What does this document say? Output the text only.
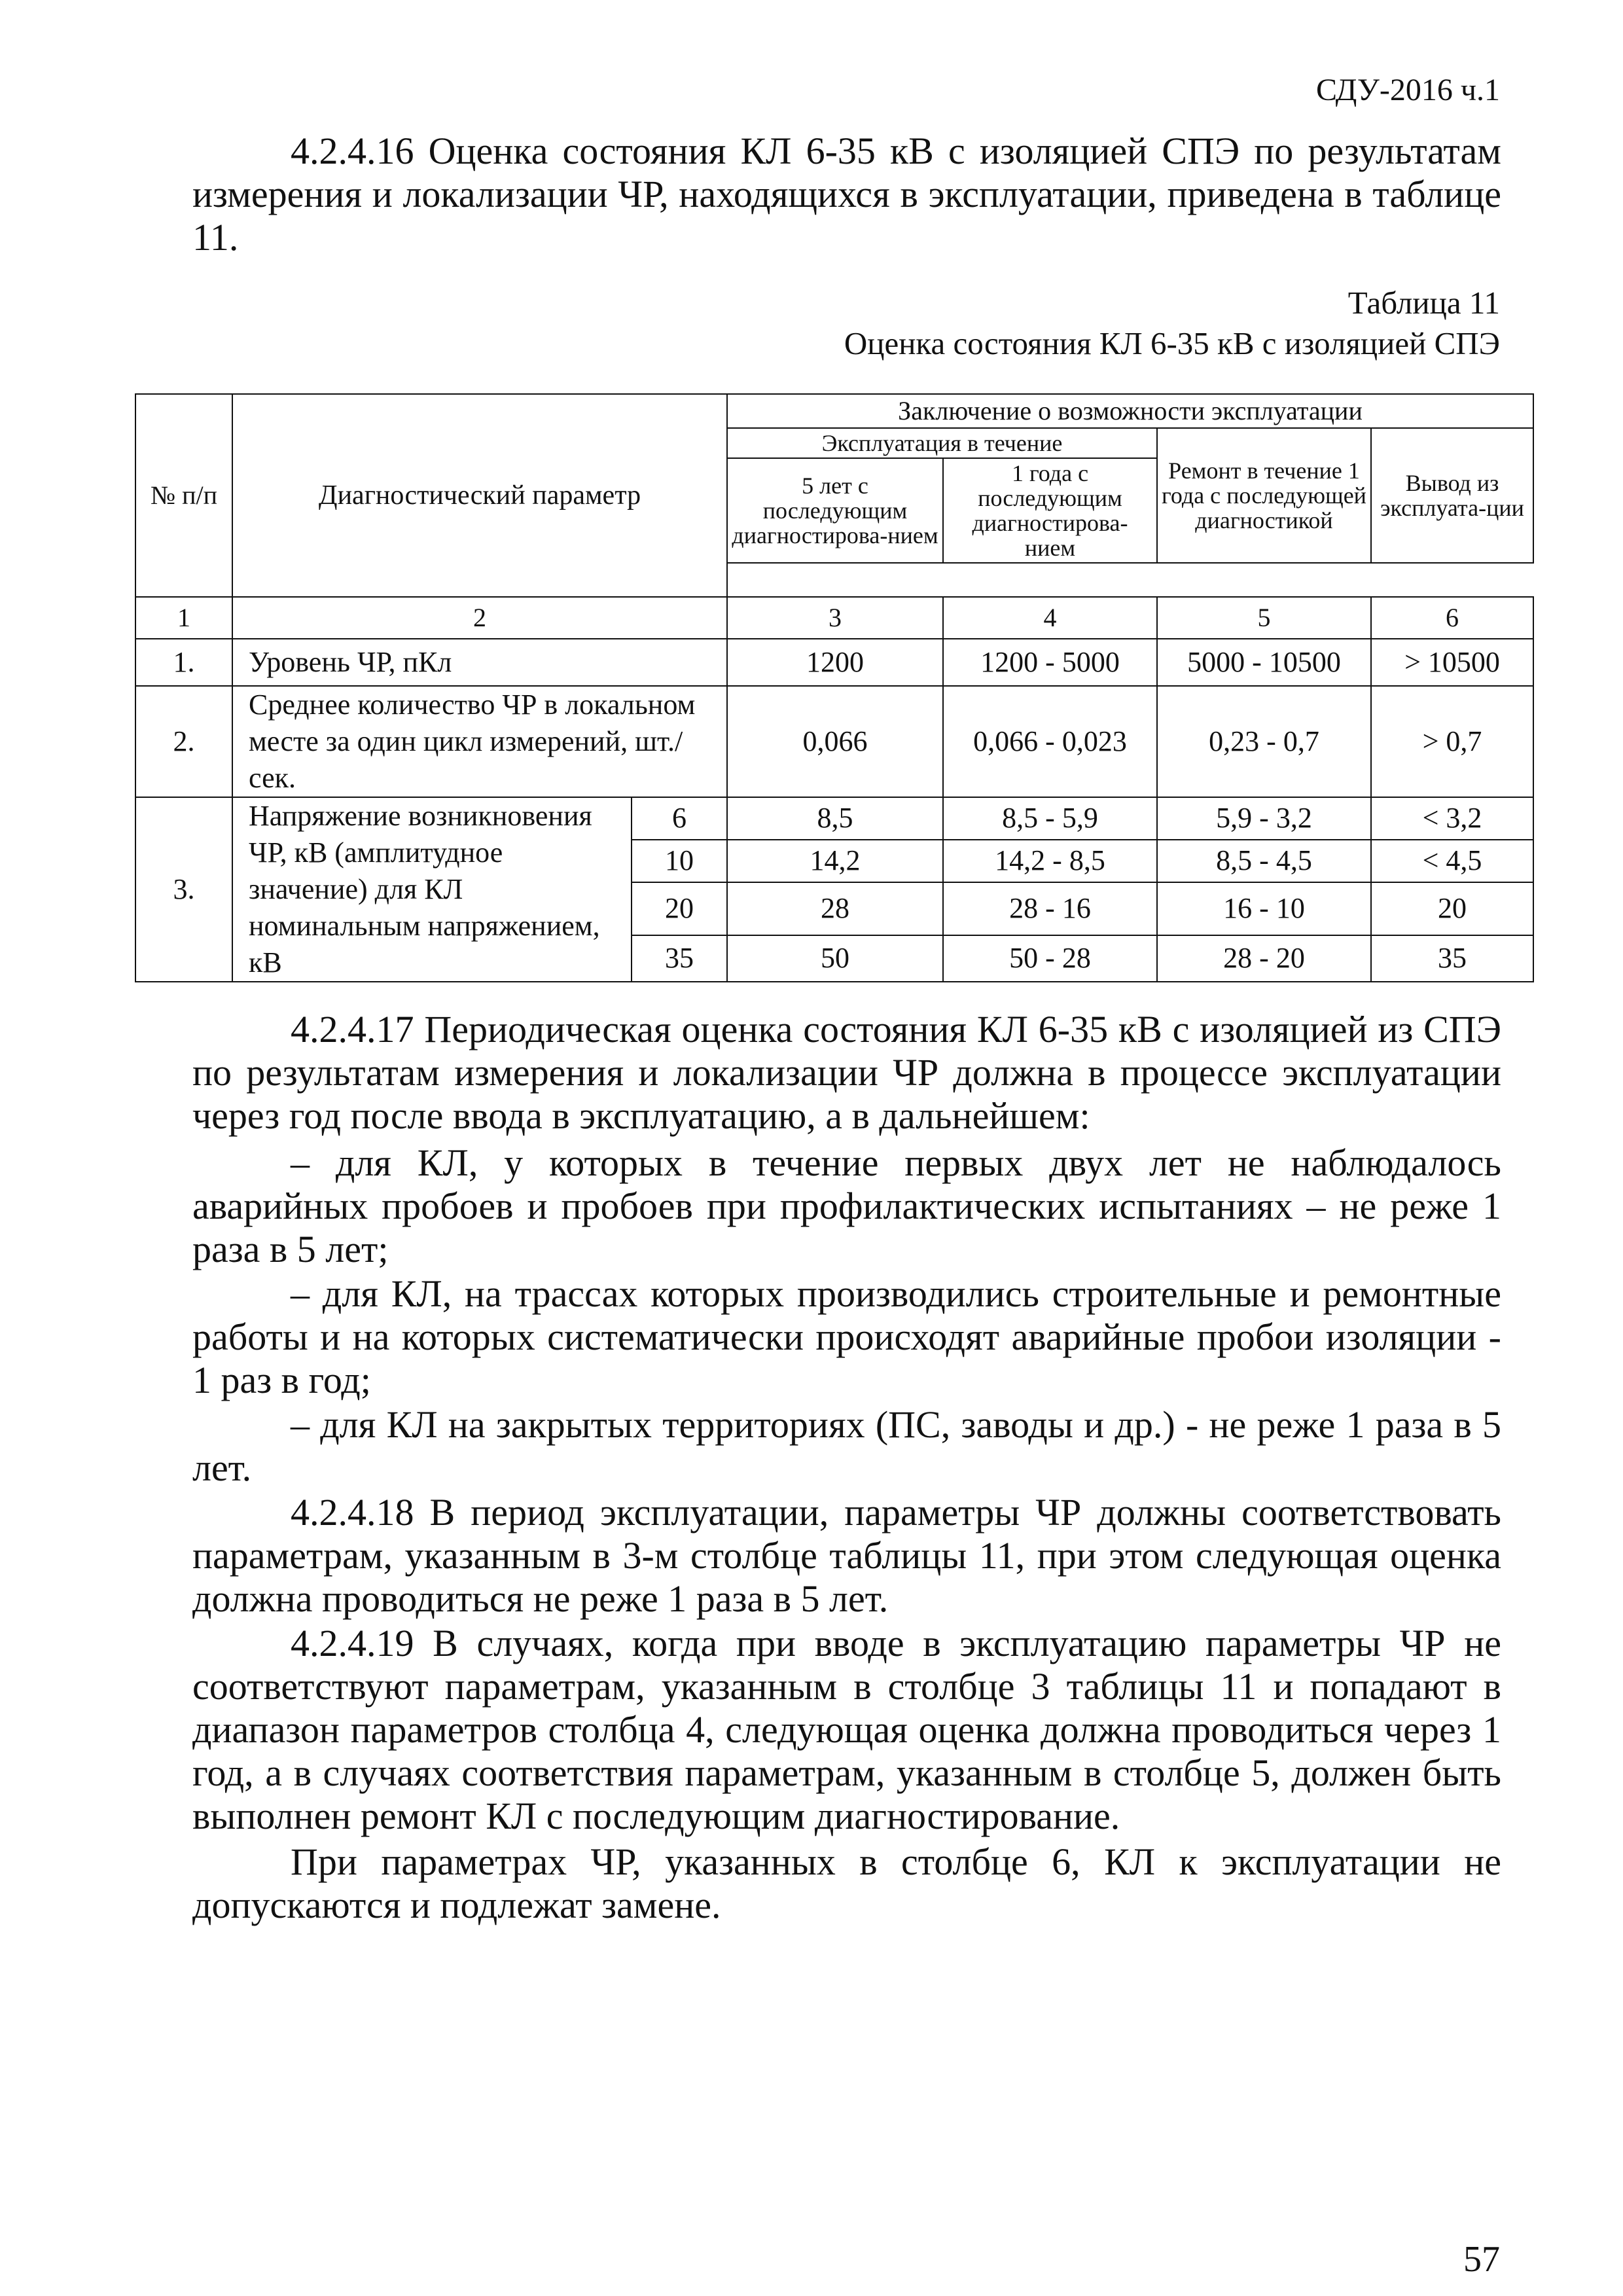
СДУ-2016 ч.1

4.2.4.16 Оценка состояния КЛ 6-35 кВ с изоляцией СПЭ по результатам измерения и локализации ЧР, находящихся в эксплуатации, приведена в таблице 11.

Таблица 11
Оценка состояния КЛ 6-35 кВ с изоляцией СПЭ
№ п/п	Диагностический параметр		Заключение о возможности эксплуатации			
			Эксплуатация в течение		Ремонт в течение 1 года с последующей диагностикой	Вывод из эксплуата-ции
			5 лет с последующим диагностирова-нием	1 года с последующим диагностирова-нием		

1	2		3	4	5	6
1.	Уровень ЧР, пКл		1200	1200 - 5000	5000 - 10500	> 10500
2.	Среднее количество ЧР в локальном месте за один цикл измерений, шт./сек.		0,066	0,066 - 0,023	0,23 - 0,7	> 0,7
3.	Напряжение возникновения ЧР, кВ (амплитудное значение) для КЛ номинальным напряжением, кВ	6	8,5	8,5 - 5,9	5,9 - 3,2	< 3,2
		10	14,2	14,2 - 8,5	8,5 - 4,5	< 4,5
		20	28	28 - 16	16 - 10	20
		35	50	50 - 28	28 - 20	35

4.2.4.17 Периодическая оценка состояния КЛ 6-35 кВ с изоляцией из СПЭ по результатам измерения и локализации ЧР должна в процессе эксплуатации через год после ввода в эксплуатацию, а в дальнейшем:

– для КЛ, у которых в течение первых двух лет не наблюдалось аварийных пробоев и пробоев при профилактических испытаниях – не реже 1 раза в 5 лет;

– для КЛ, на трассах которых производились строительные и ремонтные работы и на которых систематически происходят аварийные пробои изоляции - 1 раз в год;

– для КЛ на закрытых территориях (ПС, заводы и др.) - не реже 1 раза в 5 лет.

4.2.4.18 В период эксплуатации, параметры ЧР должны соответствовать параметрам, указанным в 3-м столбце таблицы 11, при этом следующая оценка должна проводиться не реже 1 раза в 5 лет.

4.2.4.19 В случаях, когда при вводе в эксплуатацию параметры ЧР не соответствуют параметрам, указанным в столбце 3 таблицы 11 и попадают в диапазон параметров столбца 4, следующая оценка должна проводиться через 1 год, а в случаях соответствия параметрам, указанным в столбце 5, должен быть выполнен ремонт КЛ с последующим диагностирование.

При параметрах ЧР, указанных в столбце 6, КЛ к эксплуатации не допускаются и подлежат замене.

57
